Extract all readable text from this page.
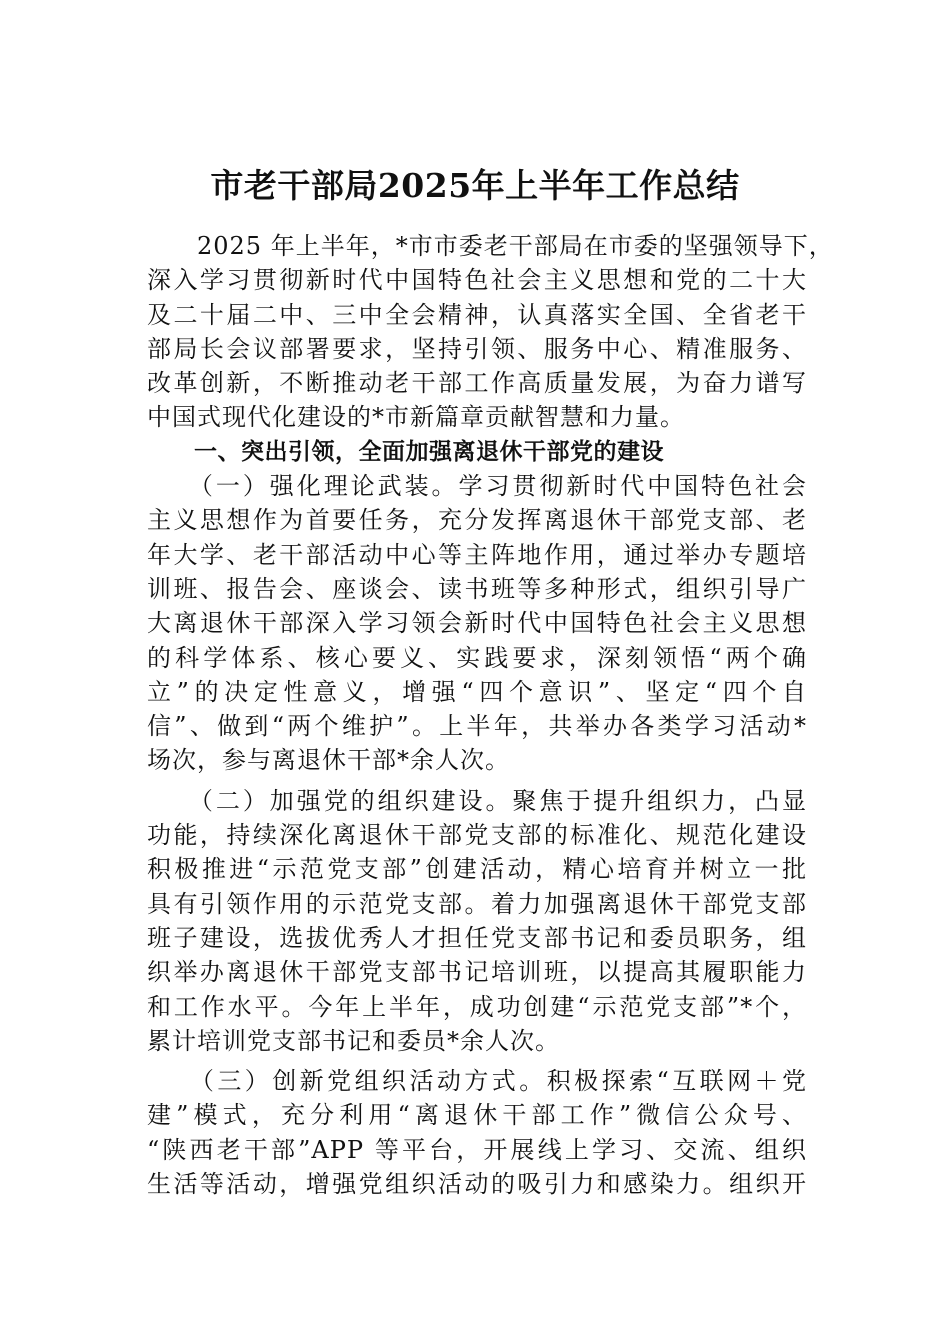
市老干部局2025年上半年工作总结
　　2025 年上半年，*市市委老干部局在市委的坚强领导下，
深入学习贯彻新时代中国特色社会主义思想和党的二十大
及二十届二中、三中全会精神，认真落实全国、全省老干
部局长会议部署要求，坚持引领、服务中心、精准服务、
改革创新，不断推动老干部工作高质量发展，为奋力谱写
中国式现代化建设的*市新篇章贡献智慧和力量。
　　一、突出引领，全面加强离退休干部党的建设
　　（一）强化理论武装。学习贯彻新时代中国特色社会
主义思想作为首要任务，充分发挥离退休干部党支部、老
年大学、老干部活动中心等主阵地作用，通过举办专题培
训班、报告会、座谈会、读书班等多种形式，组织引导广
大离退休干部深入学习领会新时代中国特色社会主义思想
的科学体系、核心要义、实践要求，深刻领悟“两个确
立”的决定性意义，增强“四个意识”、坚定“四个自
信”、做到“两个维护”。上半年，共举办各类学习活动*
场次，参与离退休干部*余人次。
　　（二）加强党的组织建设。聚焦于提升组织力，凸显
功能，持续深化离退休干部党支部的标准化、规范化建设
积极推进“示范党支部”创建活动，精心培育并树立一批
具有引领作用的示范党支部。着力加强离退休干部党支部
班子建设，选拔优秀人才担任党支部书记和委员职务，组
织举办离退休干部党支部书记培训班，以提高其履职能力
和工作水平。今年上半年，成功创建“示范党支部”*个，
累计培训党支部书记和委员*余人次。
　　（三）创新党组织活动方式。积极探索“互联网＋党
建”模式，充分利用“离退休干部工作”微信公众号、
“陕西老干部”APP 等平台，开展线上学习、交流、组织
生活等活动，增强党组织活动的吸引力和感染力。组织开
